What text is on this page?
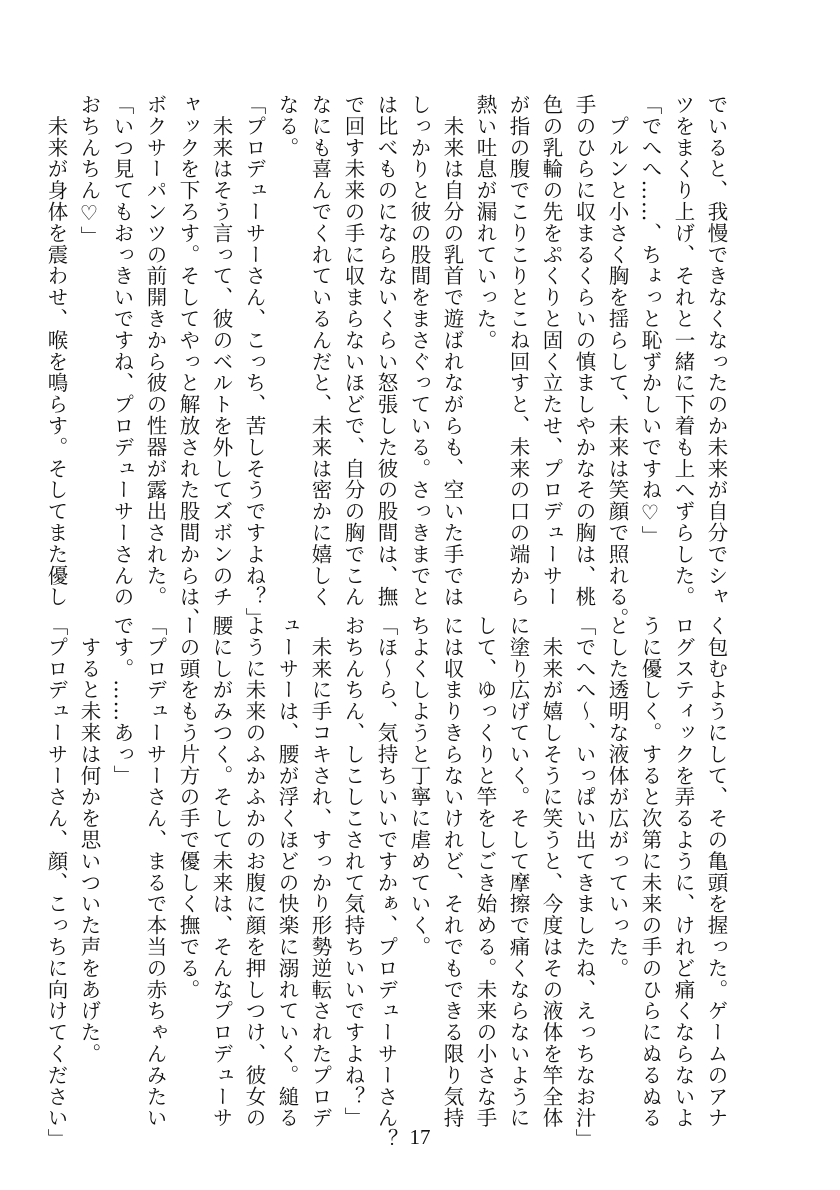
でいると、我慢できなくなったのか未来が自分でシャ
ツをまくり上げ、それと一緒に下着も上へずらした。
「でへへ……、ちょっと恥ずかしいですね♡」
　プルンと小さく胸を揺らして、未来は笑顔で照れる。
手のひらに収まるくらいの慎ましやかなその胸は、桃
色の乳輪の先をぷくりと固く立たせ、プロデューサー
が指の腹でこりこりとこね回すと、未来の口の端から
熱い吐息が漏れていった。
　未来は自分の乳首で遊ばれながらも、空いた手では
しっかりと彼の股間をまさぐっている。さっきまでと
は比べものにならないくらい怒張した彼の股間は、撫
で回す未来の手に収まらないほどで、自分の胸でこん
なにも喜んでくれているんだと、未来は密かに嬉しく
なる。
「プロデューサーさん、こっち、苦しそうですよね？」
　未来はそう言って、彼のベルトを外してズボンのチ
ャックを下ろす。そしてやっと解放された股間からは、
ボクサーパンツの前開きから彼の性器が露出された。
「いつ見てもおっきいですね、プロデューサーさんの
おちんちん♡」
　未来が身体を震わせ、喉を鳴らす。そしてまた優し
く包むようにして、その亀頭を握った。ゲームのアナ
ログスティックを弄るように、けれど痛くならないよ
うに優しく。すると次第に未来の手のひらにぬるぬる
とした透明な液体が広がっていった。
「でへへ〜、いっぱい出てきましたね、えっちなお汁」
　未来が嬉しそうに笑うと、今度はその液体を竿全体
に塗り広げていく。そして摩擦で痛くならないように
して、ゆっくりと竿をしごき始める。未来の小さな手
には収まりきらないけれど、それでもできる限り気持
ちよくしようと丁寧に虐めていく。
「ほ〜ら、気持ちいいですかぁ、プロデューサーさん？
おちんちん、しこしこされて気持ちいいですよね？」
　未来に手コキされ、すっかり形勢逆転されたプロデ
ューサーは、腰が浮くほどの快楽に溺れていく。縋る
ように未来のふかふかのお腹に顔を押しつけ、彼女の
腰にしがみつく。そして未来は、そんなプロデューサ
ーの頭をもう片方の手で優しく撫でる。
「プロデューサーさん、まるで本当の赤ちゃんみたい
です。……あっ」
　すると未来は何かを思いついた声をあげた。
「プロデューサーさん、顔、こっちに向けてください」	17
